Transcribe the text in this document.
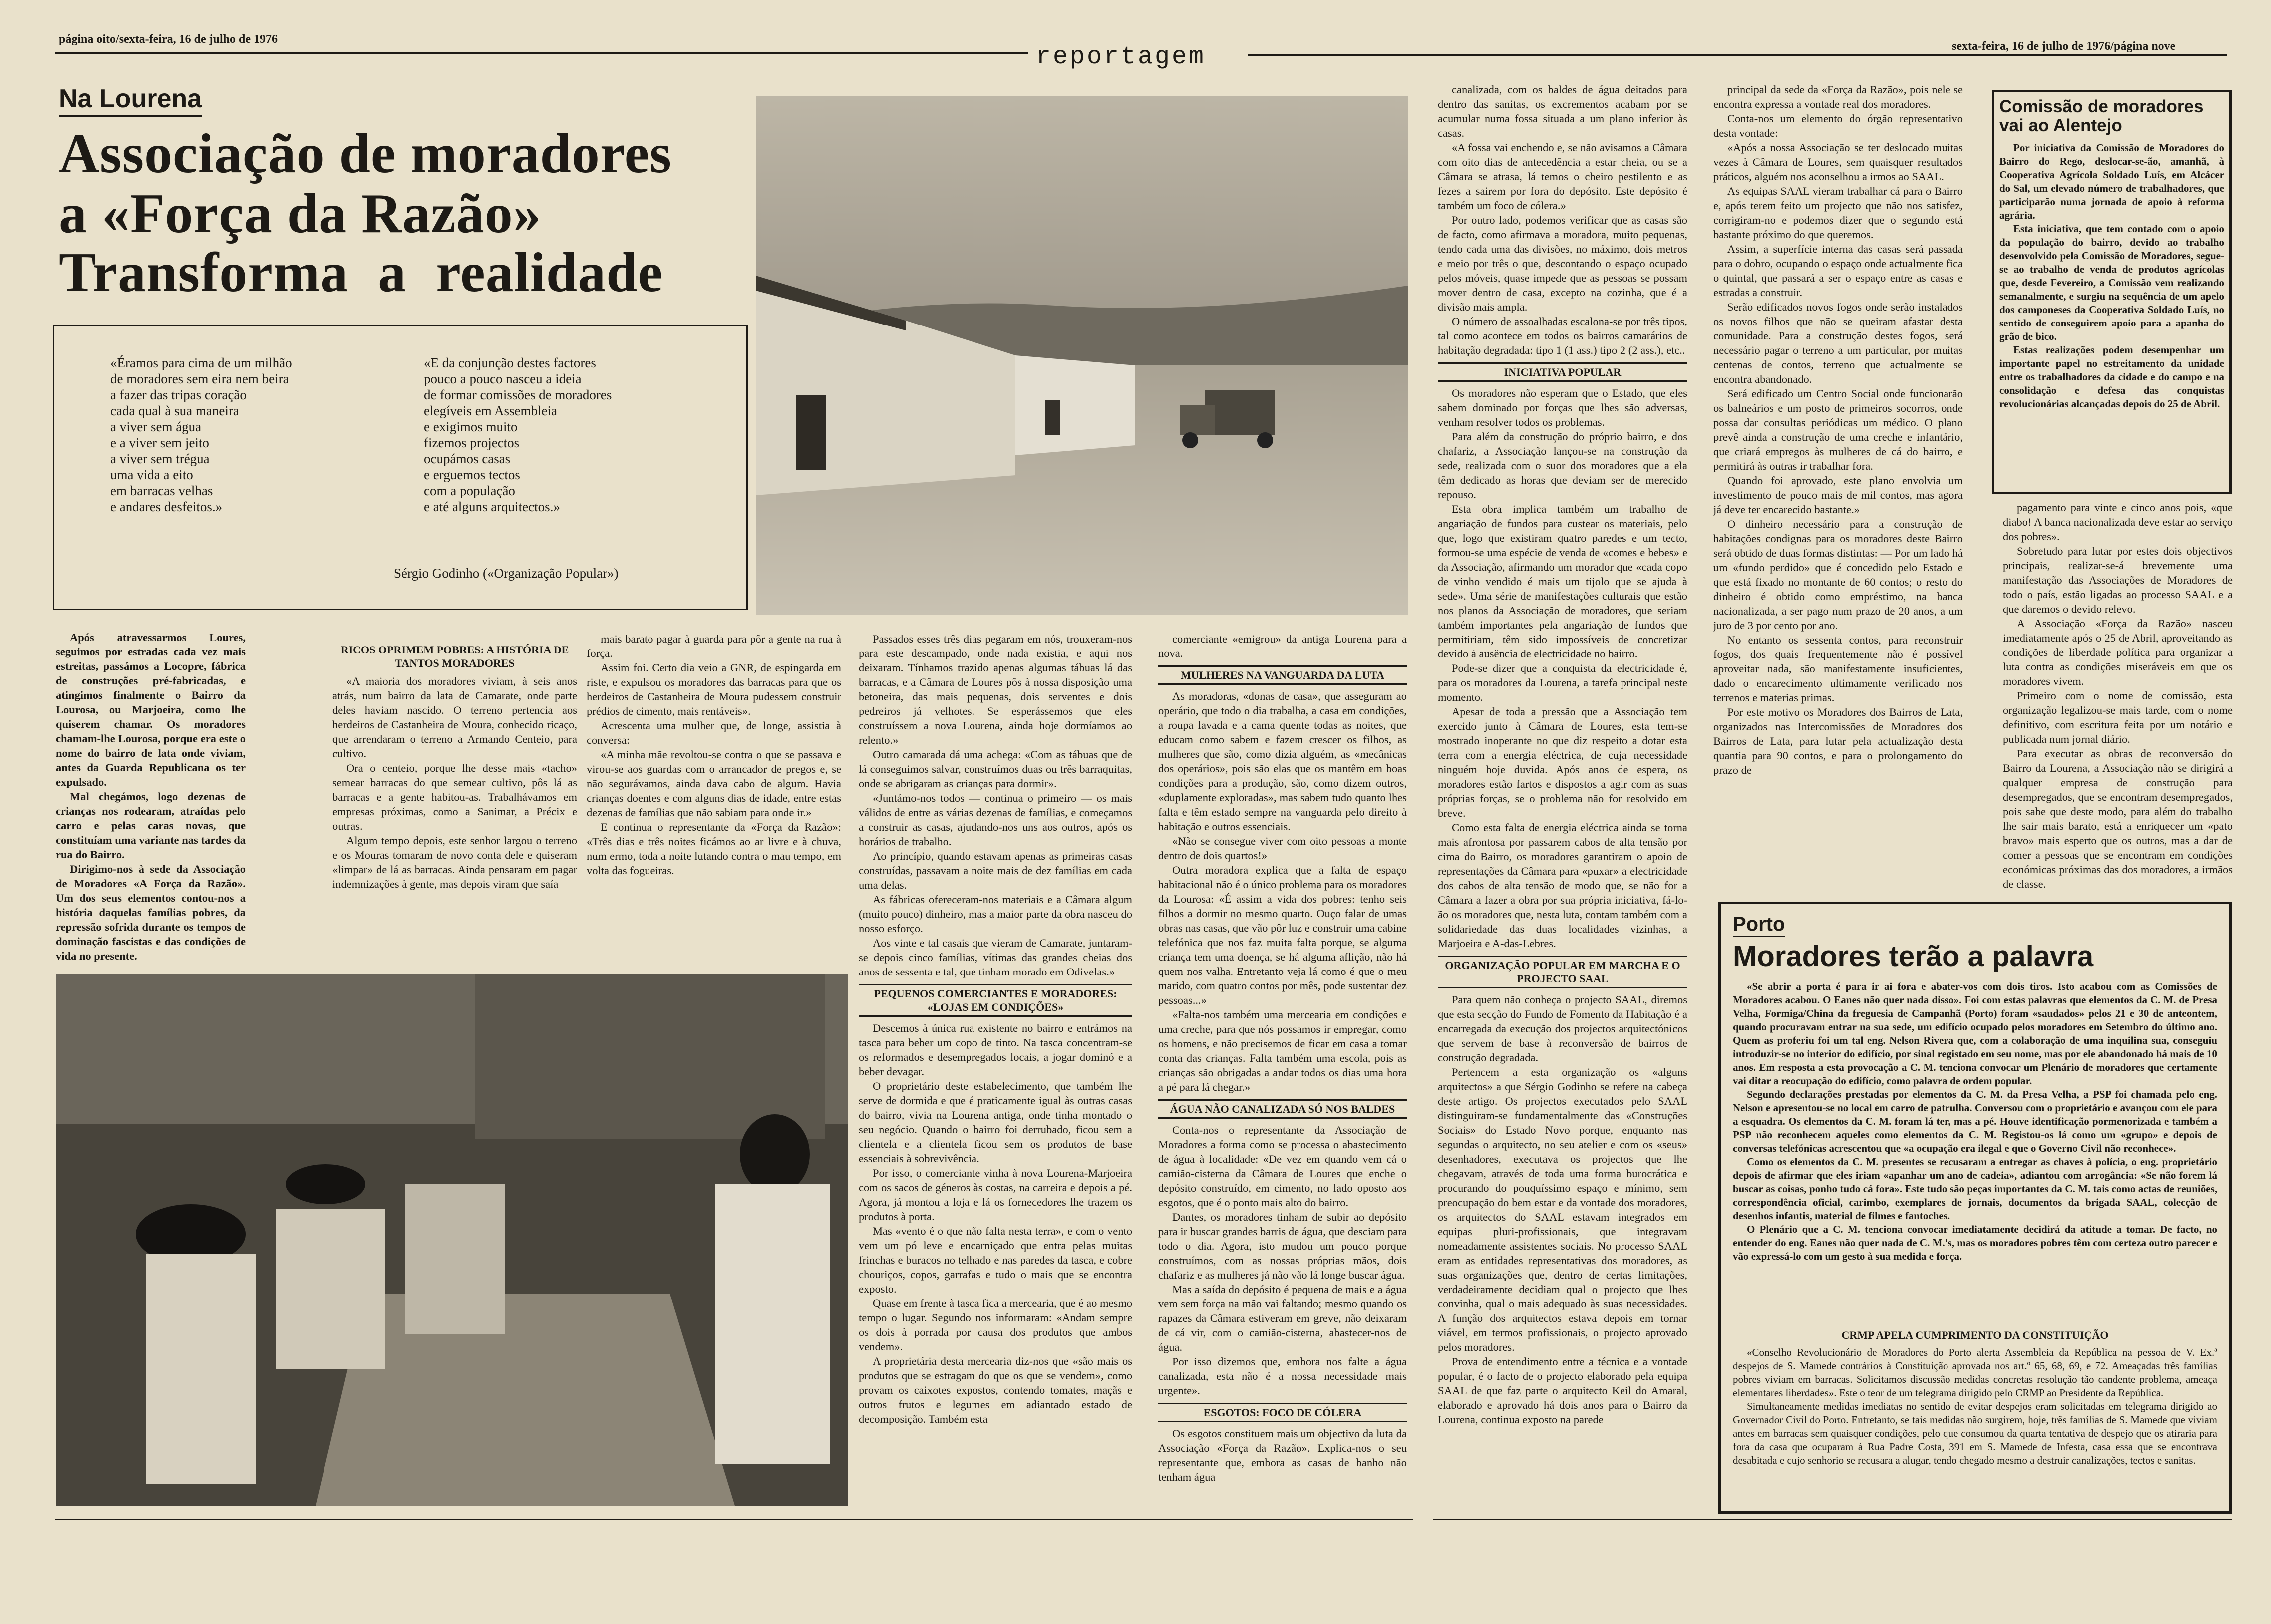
página oito/sexta-feira, 16 de julho de 1976
reportagem	sexta-feira, 16 de julho de 1976/página nove
Na Lourena
Associação de moradores
a «Força da Razão»
Transforma a realidade
«Éramos para cima de um milhão
de moradores sem eira nem beira
a fazer das tripas coração
cada qual à sua maneira
a viver sem água
e a viver sem jeito
a viver sem trégua
uma vida a eito
em barracas velhas
e andares desfeitos.»
«E da conjunção destes factores
pouco a pouco nasceu a ideia
de formar comissões de moradores
elegíveis em Assembleia
e exigimos muito
fizemos projectos
ocupámos casas
e erguemos tectos
com a população
e até alguns arquitectos.»
Sérgio Godinho («Organização Popular»)

Após atravessarmos Loures, seguimos por estradas cada vez mais estreitas, passámos a Locopre, fábrica de construções pré-fabricadas, e atingimos finalmente o Bairro da Lourosa, ou Marjoeira, como lhe quiserem chamar. Os moradores chamam-lhe Lourosa, porque era este o nome do bairro de lata onde viviam, antes da Guarda Republicana os ter expulsado.

Mal chegámos, logo dezenas de crianças nos rodearam, atraídas pelo carro e pelas caras novas, que constituíam uma variante nas tardes da rua do Bairro.

Dirigimo-nos à sede da Associação de Moradores «A Força da Razão». Um dos seus elementos contou-nos a história daquelas famílias pobres, da repressão sofrida durante os tempos de dominação fascistas e das condições de vida no presente.

RICOS OPRIMEM POBRES: A HISTÓRIA DE TANTOS MORADORES

«A maioria dos moradores viviam, à seis anos atrás, num bairro da lata de Camarate, onde parte deles haviam nascido. O terreno pertencia aos herdeiros de Castanheira de Moura, conhecido ricaço, que arrendaram o terreno a Armando Centeio, para cultivo.

Ora o centeio, porque lhe desse mais «tacho» semear barracas do que semear cultivo, pôs lá as barracas e a gente habitou-as. Trabalhávamos em empresas próximas, como a Sanimar, a Précix e outras.

Algum tempo depois, este senhor largou o terreno e os Mouras tomaram de novo conta dele e quiseram «limpar» de lá as barracas. Ainda pensaram em pagar indemnizações à gente, mas depois viram que saía

mais barato pagar à guarda para pôr a gente na rua à força.

Assim foi. Certo dia veio a GNR, de espingarda em riste, e expulsou os moradores das barracas para que os herdeiros de Castanheira de Moura pudessem construir prédios de cimento, mais rentáveis».

Acrescenta uma mulher que, de longe, assistia à conversa:

«A minha mãe revoltou-se contra o que se passava e virou-se aos guardas com o arrancador de pregos e, se não segurávamos, ainda dava cabo de algum. Havia crianças doentes e com alguns dias de idade, entre estas dezenas de famílias que não sabiam para onde ir.»

E continua o representante da «Força da Razão»: «Três dias e três noites ficámos ao ar livre e à chuva, num ermo, toda a noite lutando contra o mau tempo, em volta das fogueiras.

Passados esses três dias pegaram em nós, trouxeram-nos para este descampado, onde nada existia, e aqui nos deixaram. Tínhamos trazido apenas algumas tábuas lá das barracas, e a Câmara de Loures pôs à nossa disposição uma betoneira, das mais pequenas, dois serventes e dois pedreiros já velhotes. Se esperássemos que eles construíssem a nova Lourena, ainda hoje dormíamos ao relento.»

Outro camarada dá uma achega: «Com as tábuas que de lá conseguimos salvar, construímos duas ou três barraquitas, onde se abrigaram as crianças para dormir».

«Juntámo-nos todos — continua o primeiro — os mais válidos de entre as várias dezenas de famílias, e começamos a construir as casas, ajudando-nos uns aos outros, após os horários de trabalho.

Ao princípio, quando estavam apenas as primeiras casas construídas, passavam a noite mais de dez famílias em cada uma delas.

As fábricas ofereceram-nos materiais e a Câmara algum (muito pouco) dinheiro, mas a maior parte da obra nasceu do nosso esforço.

Aos vinte e tal casais que vieram de Camarate, juntaram-se depois cinco famílias, vítimas das grandes cheias dos anos de sessenta e tal, que tinham morado em Odivelas.»

PEQUENOS COMERCIANTES E MORADORES: «LOJAS EM CONDIÇÕES»

Descemos à única rua existente no bairro e entrámos na tasca para beber um copo de tinto. Na tasca concentram-se os reformados e desempregados locais, a jogar dominó e a beber devagar.

O proprietário deste estabelecimento, que também lhe serve de dormida e que é praticamente igual às outras casas do bairro, vivia na Lourena antiga, onde tinha montado o seu negócio. Quando o bairro foi derrubado, ficou sem a clientela e a clientela ficou sem os produtos de base essenciais à sobrevivência.

Por isso, o comerciante vinha à nova Lourena-Marjoeira com os sacos de géneros às costas, na carreira e depois a pé. Agora, já montou a loja e lá os fornecedores lhe trazem os produtos à porta.

Mas «vento é o que não falta nesta terra», e com o vento vem um pó leve e encarniçado que entra pelas muitas frinchas e buracos no telhado e nas paredes da tasca, e cobre chouriços, copos, garrafas e tudo o mais que se encontra exposto.

Quase em frente à tasca fica a mercearia, que é ao mesmo tempo o lugar. Segundo nos informaram: «Andam sempre os dois à porrada por causa dos produtos que ambos vendem».

A proprietária desta mercearia diz-nos que «são mais os produtos que se estragam do que os que se vendem», como provam os caixotes expostos, contendo tomates, maçãs e outros frutos e legumes em adiantado estado de decomposição. Também esta

comerciante «emigrou» da antiga Lourena para a nova.

MULHERES NA VANGUARDA DA LUTA

As moradoras, «donas de casa», que asseguram ao operário, que todo o dia trabalha, a casa em condições, a roupa lavada e a cama quente todas as noites, que educam como sabem e fazem crescer os filhos, as mulheres que são, como dizia alguém, as «mecânicas dos operários», pois são elas que os mantêm em boas condições para a produção, são, como dizem outros, «duplamente exploradas», mas sabem tudo quanto lhes falta e têm estado sempre na vanguarda pelo direito à habitação e outros essenciais.

«Não se consegue viver com oito pessoas a monte dentro de dois quartos!»

Outra moradora explica que a falta de espaço habitacional não é o único problema para os moradores da Lourosa: «É assim a vida dos pobres: tenho seis filhos a dormir no mesmo quarto. Ouço falar de umas obras nas casas, que vão pôr luz e construir uma cabine telefónica que nos faz muita falta porque, se alguma criança tem uma doença, se há alguma aflição, não há quem nos valha. Entretanto veja lá como é que o meu marido, com quatro contos por mês, pode sustentar dez pessoas...»

«Falta-nos também uma mercearia em condições e uma creche, para que nós possamos ir empregar, como os homens, e não precisemos de ficar em casa a tomar conta das crianças. Falta também uma escola, pois as crianças são obrigadas a andar todos os dias uma hora a pé para lá chegar.»

ÁGUA NÃO CANALIZADA SÓ NOS BALDES

Conta-nos o representante da Associação de Moradores a forma como se processa o abastecimento de água à localidade: «De vez em quando vem cá o camião-cisterna da Câmara de Loures que enche o depósito construído, em cimento, no lado oposto aos esgotos, que é o ponto mais alto do bairro.

Dantes, os moradores tinham de subir ao depósito para ir buscar grandes barris de água, que desciam para todo o dia. Agora, isto mudou um pouco porque construímos, com as nossas próprias mãos, dois chafariz e as mulheres já não vão lá longe buscar água.

Mas a saída do depósito é pequena de mais e a água vem sem força na mão vai faltando; mesmo quando os rapazes da Câmara estiveram em greve, não deixaram de cá vir, com o camião-cisterna, abastecer-nos de água.

Por isso dizemos que, embora nos falte a água canalizada, esta não é a nossa necessidade mais urgente».

ESGOTOS: FOCO DE CÓLERA

Os esgotos constituem mais um objectivo da luta da Associação «Força da Razão». Explica-nos o seu representante que, embora as casas de banho não tenham água

canalizada, com os baldes de água deitados para dentro das sanitas, os excrementos acabam por se acumular numa fossa situada a um plano inferior às casas.

«A fossa vai enchendo e, se não avisamos a Câmara com oito dias de antecedência a estar cheia, ou se a Câmara se atrasa, lá temos o cheiro pestilento e as fezes a sairem por fora do depósito. Este depósito é também um foco de cólera.»

Por outro lado, podemos verificar que as casas são de facto, como afirmava a moradora, muito pequenas, tendo cada uma das divisões, no máximo, dois metros e meio por três o que, descontando o espaço ocupado pelos móveis, quase impede que as pessoas se possam mover dentro de casa, excepto na cozinha, que é a divisão mais ampla.

O número de assoalhadas escalona-se por três tipos, tal como acontece em todos os bairros camarários de habitação degradada: tipo 1 (1 ass.) tipo 2 (2 ass.), etc..

INICIATIVA POPULAR

Os moradores não esperam que o Estado, que eles sabem dominado por forças que lhes são adversas, venham resolver todos os problemas.

Para além da construção do próprio bairro, e dos chafariz, a Associação lançou-se na construção da sede, realizada com o suor dos moradores que a ela têm dedicado as horas que deviam ser de merecido repouso.

Esta obra implica também um trabalho de angariação de fundos para custear os materiais, pelo que, logo que existiram quatro paredes e um tecto, formou-se uma espécie de venda de «comes e bebes» e da Associação, afirmando um morador que «cada copo de vinho vendido é mais um tijolo que se ajuda à sede». Uma série de manifestações culturais que estão nos planos da Associação de moradores, que seriam também importantes pela angariação de fundos que permitiriam, têm sido impossíveis de concretizar devido à ausência de electricidade no bairro.

Pode-se dizer que a conquista da electricidade é, para os moradores da Lourena, a tarefa principal neste momento.

Apesar de toda a pressão que a Associação tem exercido junto à Câmara de Loures, esta tem-se mostrado inoperante no que diz respeito a dotar esta terra com a energia eléctrica, de cuja necessidade ninguém hoje duvida. Após anos de espera, os moradores estão fartos e dispostos a agir com as suas próprias forças, se o problema não for resolvido em breve.

Como esta falta de energia eléctrica ainda se torna mais afrontosa por passarem cabos de alta tensão por cima do Bairro, os moradores garantiram o apoio de representações da Câmara para «puxar» a electricidade dos cabos de alta tensão de modo que, se não for a Câmara a fazer a obra por sua própria iniciativa, fá-lo-ão os moradores que, nesta luta, contam também com a solidariedade das duas localidades vizinhas, a Marjoeira e A-das-Lebres.

ORGANIZAÇÃO POPULAR EM MARCHA E O PROJECTO SAAL

Para quem não conheça o projecto SAAL, diremos que esta secção do Fundo de Fomento da Habitação é a encarregada da execução dos projectos arquitectónicos que servem de base à reconversão de bairros de construção degradada.

Pertencem a esta organização os «alguns arquitectos» a que Sérgio Godinho se refere na cabeça deste artigo. Os projectos executados pelo SAAL distinguiram-se fundamentalmente das «Construções Sociais» do Estado Novo porque, enquanto nas segundas o arquitecto, no seu atelier e com os «seus» desenhadores, executava os projectos que lhe chegavam, através de toda uma forma burocrática e procurando do pouquíssimo espaço e mínimo, sem preocupação do bem estar e da vontade dos moradores, os arquitectos do SAAL estavam integrados em equipas pluri-profissionais, que integravam nomeadamente assistentes sociais. No processo SAAL eram as entidades representativas dos moradores, as suas organizações que, dentro de certas limitações, verdadeiramente decidiam qual o projecto que lhes convinha, qual o mais adequado às suas necessidades. A função dos arquitectos estava depois em tornar viável, em termos profissionais, o projecto aprovado pelos moradores.

Prova de entendimento entre a técnica e a vontade popular, é o facto de o projecto elaborado pela equipa SAAL de que faz parte o arquitecto Keil do Amaral, elaborado e aprovado há dois anos para o Bairro da Lourena, continua exposto na parede

principal da sede da «Força da Razão», pois nele se encontra expressa a vontade real dos moradores.

Conta-nos um elemento do órgão representativo desta vontade:

«Após a nossa Associação se ter deslocado muitas vezes à Câmara de Loures, sem quaisquer resultados práticos, alguém nos aconselhou a irmos ao SAAL.

As equipas SAAL vieram trabalhar cá para o Bairro e, após terem feito um projecto que não nos satisfez, corrigiram-no e podemos dizer que o segundo está bastante próximo do que queremos.

Assim, a superfície interna das casas será passada para o dobro, ocupando o espaço onde actualmente fica o quintal, que passará a ser o espaço entre as casas e estradas a construir.

Serão edificados novos fogos onde serão instalados os novos filhos que não se queiram afastar desta comunidade. Para a construção destes fogos, será necessário pagar o terreno a um particular, por muitas centenas de contos, terreno que actualmente se encontra abandonado.

Será edificado um Centro Social onde funcionarão os balneários e um posto de primeiros socorros, onde possa dar consultas periódicas um médico. O plano prevê ainda a construção de uma creche e infantário, que criará empregos às mulheres de cá do bairro, e permitirá às outras ir trabalhar fora.

Quando foi aprovado, este plano envolvia um investimento de pouco mais de mil contos, mas agora já deve ter encarecido bastante.»

O dinheiro necessário para a construção de habitações condignas para os moradores deste Bairro será obtido de duas formas distintas: — Por um lado há um «fundo perdido» que é concedido pelo Estado e que está fixado no montante de 60 contos; o resto do dinheiro é obtido como empréstimo, na banca nacionalizada, a ser pago num prazo de 20 anos, a um juro de 3 por cento por ano.

No entanto os sessenta contos, para reconstruir fogos, dos quais frequentemente não é possível aproveitar nada, são manifestamente insuficientes, dado o encarecimento ultimamente verificado nos terrenos e materias primas.

Por este motivo os Moradores dos Bairros de Lata, organizados nas Intercomissões de Moradores dos Bairros de Lata, para lutar pela actualização desta quantia para 90 contos, e para o prolongamento do prazo de

pagamento para vinte e cinco anos pois, «que diabo! A banca nacionalizada deve estar ao serviço dos pobres».

Sobretudo para lutar por estes dois objectivos principais, realizar-se-á brevemente uma manifestação das Associações de Moradores de todo o país, estão ligadas ao processo SAAL e a que daremos o devido relevo.

A Associação «Força da Razão» nasceu imediatamente após o 25 de Abril, aproveitando as condições de liberdade política para organizar a luta contra as condições miseráveis em que os moradores vivem.

Primeiro com o nome de comissão, esta organização legalizou-se mais tarde, com o nome definitivo, com escritura feita por um notário e publicada num jornal diário.

Para executar as obras de reconversão do Bairro da Lourena, a Associação não se dirigirá a qualquer empresa de construção para desempregados, que se encontram desempregados, pois sabe que deste modo, para além do trabalho lhe sair mais barato, está a enriquecer um «pato bravo» mais esperto que os outros, mas a dar de comer a pessoas que se encontram em condições económicas próximas das dos moradores, a irmãos de classe.

Comissão de moradores vai ao Alentejo

Por iniciativa da Comissão de Moradores do Bairro do Rego, deslocar-se-ão, amanhã, à Cooperativa Agrícola Soldado Luís, em Alcácer do Sal, um elevado número de trabalhadores, que participarão numa jornada de apoio à reforma agrária.

Esta iniciativa, que tem contado com o apoio da população do bairro, devido ao trabalho desenvolvido pela Comissão de Moradores, segue-se ao trabalho de venda de produtos agrícolas que, desde Fevereiro, a Comissão vem realizando semanalmente, e surgiu na sequência de um apelo dos camponeses da Cooperativa Soldado Luís, no sentido de conseguirem apoio para a apanha do grão de bico.

Estas realizações podem desempenhar um importante papel no estreitamento da unidade entre os trabalhadores da cidade e do campo e na consolidação e defesa das conquistas revolucionárias alcançadas depois do 25 de Abril.

Porto
Moradores terão a palavra

«Se abrir a porta é para ir ai fora e abater-vos com dois tiros. Isto acabou com as Comissões de Moradores acabou. O Eanes não quer nada disso». Foi com estas palavras que elementos da C. M. de Presa Velha, Formiga/China da freguesia de Campanhã (Porto) foram «saudados» pelos 21 e 30 de anteontem, quando procuravam entrar na sua sede, um edifício ocupado pelos moradores em Setembro do último ano. Quem as proferiu foi um tal eng. Nelson Rivera que, com a colaboração de uma inquilina sua, conseguiu introduzir-se no interior do edifício, por sinal registado em seu nome, mas por ele abandonado há mais de 10 anos. Em resposta a esta provocação a C. M. tenciona convocar um Plenário de moradores que certamente vai ditar a reocupação do edifício, como palavra de ordem popular.

Segundo declarações prestadas por elementos da C. M. da Presa Velha, a PSP foi chamada pelo eng. Nelson e apresentou-se no local em carro de patrulha. Conversou com o proprietário e avançou com ele para a esquadra. Os elementos da C. M. foram lá ter, mas a pé. Houve identificação pormenorizada e também a PSP não reconhecem aqueles como elementos da C. M. Registou-os lá como um «grupo» e depois de conversas telefónicas acrescentou que «a ocupação era ilegal e que o Governo Civil não reconhece».

Como os elementos da C. M. presentes se recusaram a entregar as chaves à polícia, o eng. proprietário depois de afirmar que eles iriam «apanhar um ano de cadeia», adiantou com arrogância: «Se não forem lá buscar as coisas, ponho tudo cá fora». Este tudo são peças importantes da C. M. tais como actas de reuniões, correspondência oficial, carimbo, exemplares de jornais, documentos da brigada SAAL, colecção de desenhos infantis, material de filmes e fantoches.

O Plenário que a C. M. tenciona convocar imediatamente decidirá da atitude a tomar. De facto, no entender do eng. Eanes não quer nada de C. M.'s, mas os moradores pobres têm com certeza outro parecer e vão expressá-lo com um gesto à sua medida e força.

CRMP APELA CUMPRIMENTO DA CONSTITUIÇÃO

«Conselho Revolucionário de Moradores do Porto alerta Assembleia da República na pessoa de V. Ex.ª despejos de S. Mamede contrários à Constituição aprovada nos art.º 65, 68, 69, e 72. Ameaçadas três famílias pobres viviam em barracas. Solicitamos discussão medidas concretas resolução tão candente problema, ameaça elementares liberdades». Este o teor de um telegrama dirigido pelo CRMP ao Presidente da República.

Simultaneamente medidas imediatas no sentido de evitar despejos eram solicitadas em telegrama dirigido ao Governador Civil do Porto. Entretanto, se tais medidas não surgirem, hoje, três famílias de S. Mamede que viviam antes em barracas sem quaisquer condições, pelo que consumou da quarta tentativa de despejo que os atiraria para fora da casa que ocuparam à Rua Padre Costa, 391 em S. Mamede de Infesta, casa essa que se encontrava desabitada e cujo senhorio se recusara a alugar, tendo chegado mesmo a destruir canalizações, tectos e sanitas.
